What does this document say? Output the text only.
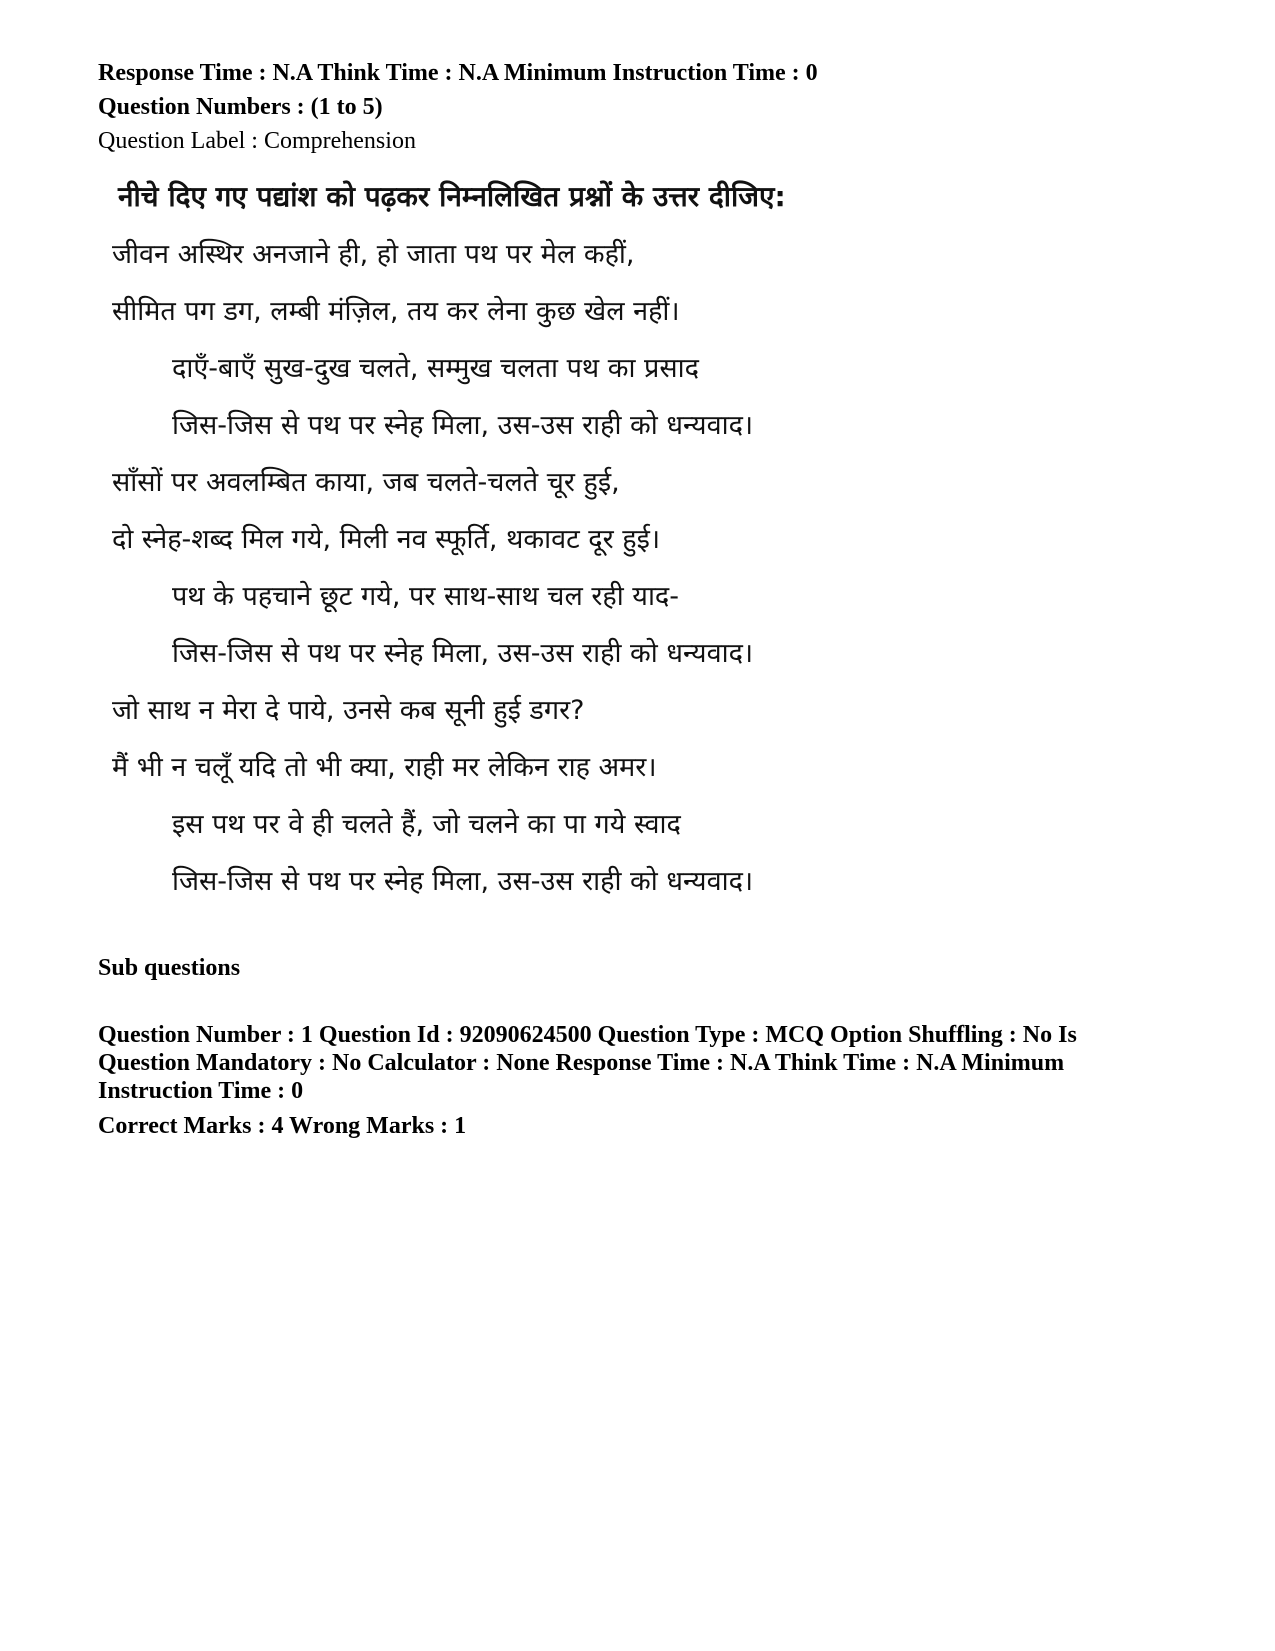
Response Time : N.A Think Time : N.A Minimum Instruction Time : 0
Question Numbers : (1 to 5)
Question Label : Comprehension
नीचे दिए गए पद्यांश को पढ़कर निम्नलिखित प्रश्नों के उत्तर दीजिए:
जीवन अस्थिर अनजाने ही, हो जाता पथ पर मेल कहीं,
सीमित पग डग, लम्बी मंज़िल, तय कर लेना कुछ खेल नहीं।
दाएँ-बाएँ सुख-दुख चलते, सम्मुख चलता पथ का प्रसाद
जिस-जिस से पथ पर स्नेह मिला, उस-उस राही को धन्यवाद।
साँसों पर अवलम्बित काया, जब चलते-चलते चूर हुई,
दो स्नेह-शब्द मिल गये, मिली नव स्फूर्ति, थकावट दूर हुई।
पथ के पहचाने छूट गये, पर साथ-साथ चल रही याद-
जिस-जिस से पथ पर स्नेह मिला, उस-उस राही को धन्यवाद।
जो साथ न मेरा दे पाये, उनसे कब सूनी हुई डगर?
मैं भी न चलूँ यदि तो भी क्या, राही मर लेकिन राह अमर।
इस पथ पर वे ही चलते हैं, जो चलने का पा गये स्वाद
जिस-जिस से पथ पर स्नेह मिला, उस-उस राही को धन्यवाद।
Sub questions
Question Number : 1 Question Id : 92090624500 Question Type : MCQ Option Shuffling : No Is Question Mandatory : No Calculator : None Response Time : N.A Think Time : N.A Minimum Instruction Time : 0
Correct Marks : 4 Wrong Marks : 1
